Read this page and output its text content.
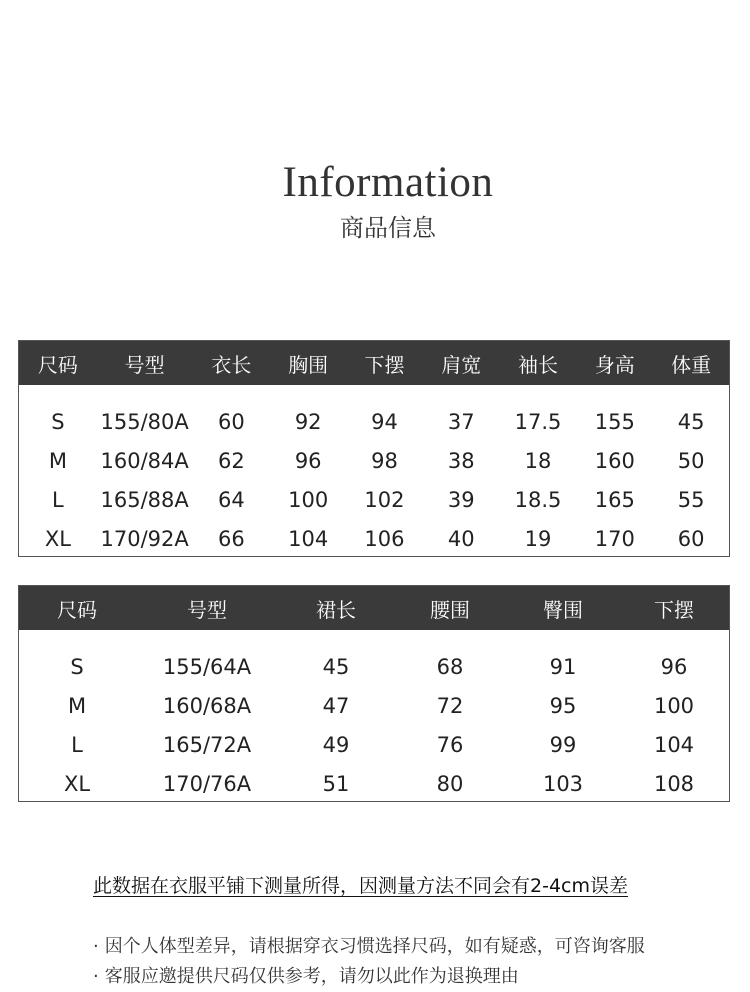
Information
商品信息
尺码	号型	衣长	胸围	下摆	肩宽	袖长	身高	体重
S	155/80A	60	92	94	37	17.5	155	45
M	160/84A	62	96	98	38	18	160	50
L	165/88A	64	100	102	39	18.5	165	55
XL	170/92A	66	104	106	40	19	170	60
尺码	号型	裙长	腰围	臀围	下摆
S	155/64A	45	68	91	96
M	160/68A	47	72	95	100
L	165/72A	49	76	99	104
XL	170/76A	51	80	103	108
此数据在衣服平铺下测量所得，因测量方法不同会有2-4cm误差
· 因个人体型差异，请根据穿衣习惯选择尺码，如有疑惑，可咨询客服
· 客服应邀提供尺码仅供参考，请勿以此作为退换理由
